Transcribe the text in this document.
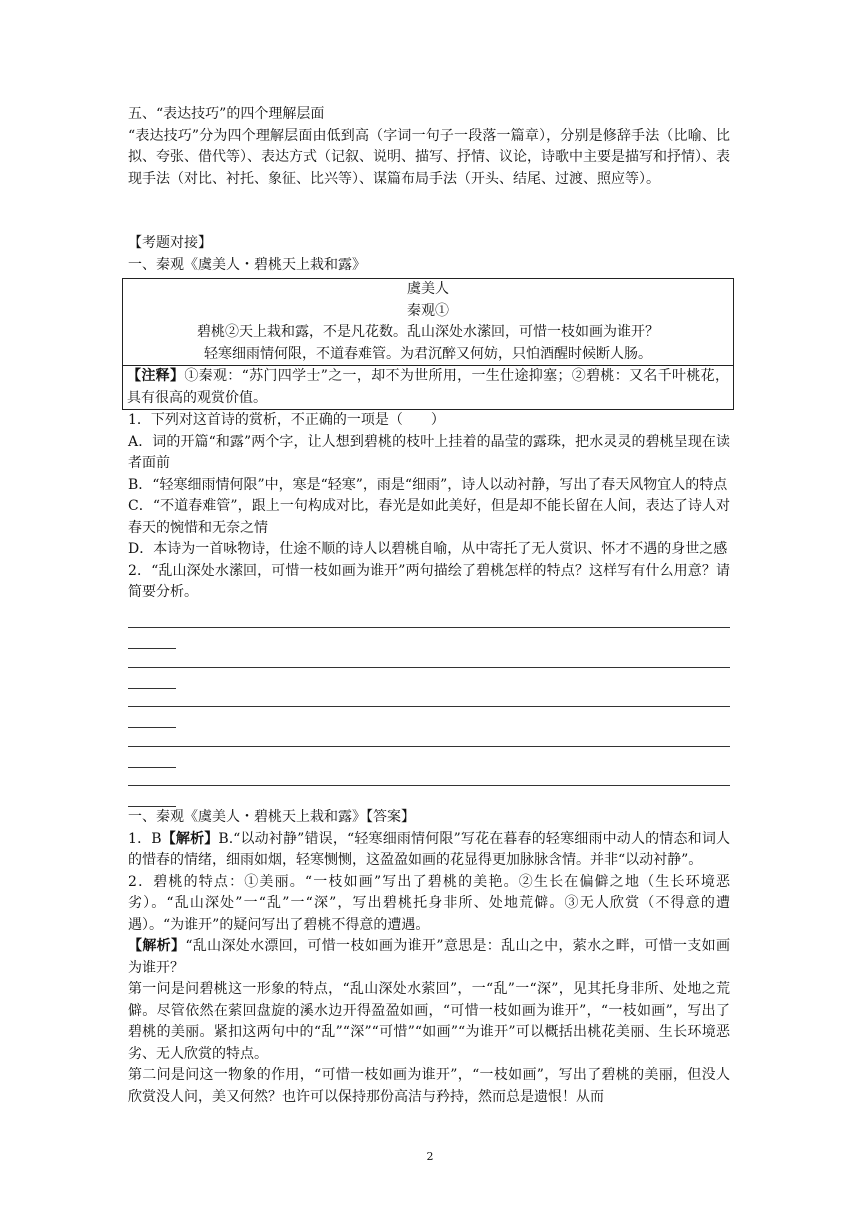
五、“表达技巧”的四个理解层面

“表达技巧”分为四个理解层面由低到高（字词一句子一段落一篇章），分别是修辞手法（比喻、比拟、夸张、借代等）、表达方式（记叙、说明、描写、抒情、议论，诗歌中主要是描写和抒情）、表现手法（对比、衬托、象征、比兴等）、谋篇布局手法（开头、结尾、过渡、照应等）。

【考题对接】

一、秦观《虞美人・碧桃天上栽和露》

虞美人

秦观①

碧桃②天上栽和露，不是凡花数。乱山深处水潆回，可惜一枝如画为谁开？

轻寒细雨情何限，不道春难管。为君沉醉又何妨，只怕酒醒时候断人肠。

【注释】①秦观：“苏门四学士”之一，却不为世所用，一生仕途抑塞；②碧桃：又名千叶桃花，具有很高的观赏价值。

1．下列对这首诗的赏析，不正确的一项是（　　）

A．词的开篇“和露”两个字，让人想到碧桃的枝叶上挂着的晶莹的露珠，把水灵灵的碧桃呈现在读者面前

B．“轻寒细雨情何限”中，寒是“轻寒”，雨是“细雨”，诗人以动衬静，写出了春天风物宜人的特点

C．“不道春难管”，跟上一句构成对比，春光是如此美好，但是却不能长留在人间，表达了诗人对春天的惋惜和无奈之情

D．本诗为一首咏物诗，仕途不顺的诗人以碧桃自喻，从中寄托了无人赏识、怀才不遇的身世之感

2．“乱山深处水潆回，可惜一枝如画为谁开”两句描绘了碧桃怎样的特点？这样写有什么用意？请简要分析。

一、秦观《虞美人・碧桃天上栽和露》【答案】

1．B【解析】B.“以动衬静”错误，“轻寒细雨情何限”写花在暮春的轻寒细雨中动人的情态和词人的惜春的情绪，细雨如烟，轻寒恻恻，这盈盈如画的花显得更加脉脉含情。并非“以动衬静”。

2．碧桃的特点：①美丽。“一枝如画”写出了碧桃的美艳。②生长在偏僻之地（生长环境恶劣）。“乱山深处”一“乱”一“深”，写出碧桃托身非所、处地荒僻。③无人欣赏（不得意的遭遇）。“为谁开”的疑问写出了碧桃不得意的遭遇。

【解析】“乱山深处水漂回，可惜一枝如画为谁开”意思是：乱山之中，萦水之畔，可惜一支如画为谁开？

第一问是问碧桃这一形象的特点，“乱山深处水萦回”，一“乱”一“深”，见其托身非所、处地之荒僻。尽管依然在萦回盘旋的溪水边开得盈盈如画，“可惜一枝如画为谁开”，“一枝如画”，写出了碧桃的美丽。紧扣这两句中的“乱”“深”“可惜”“如画”“为谁开”可以概括出桃花美丽、生长环境恶劣、无人欣赏的特点。

第二问是问这一物象的作用，“可惜一枝如画为谁开”，“一枝如画”，写出了碧桃的美丽，但没人欣赏没人问，美又何然？也许可以保持那份高洁与矜持，然而总是遗恨！从而

2
